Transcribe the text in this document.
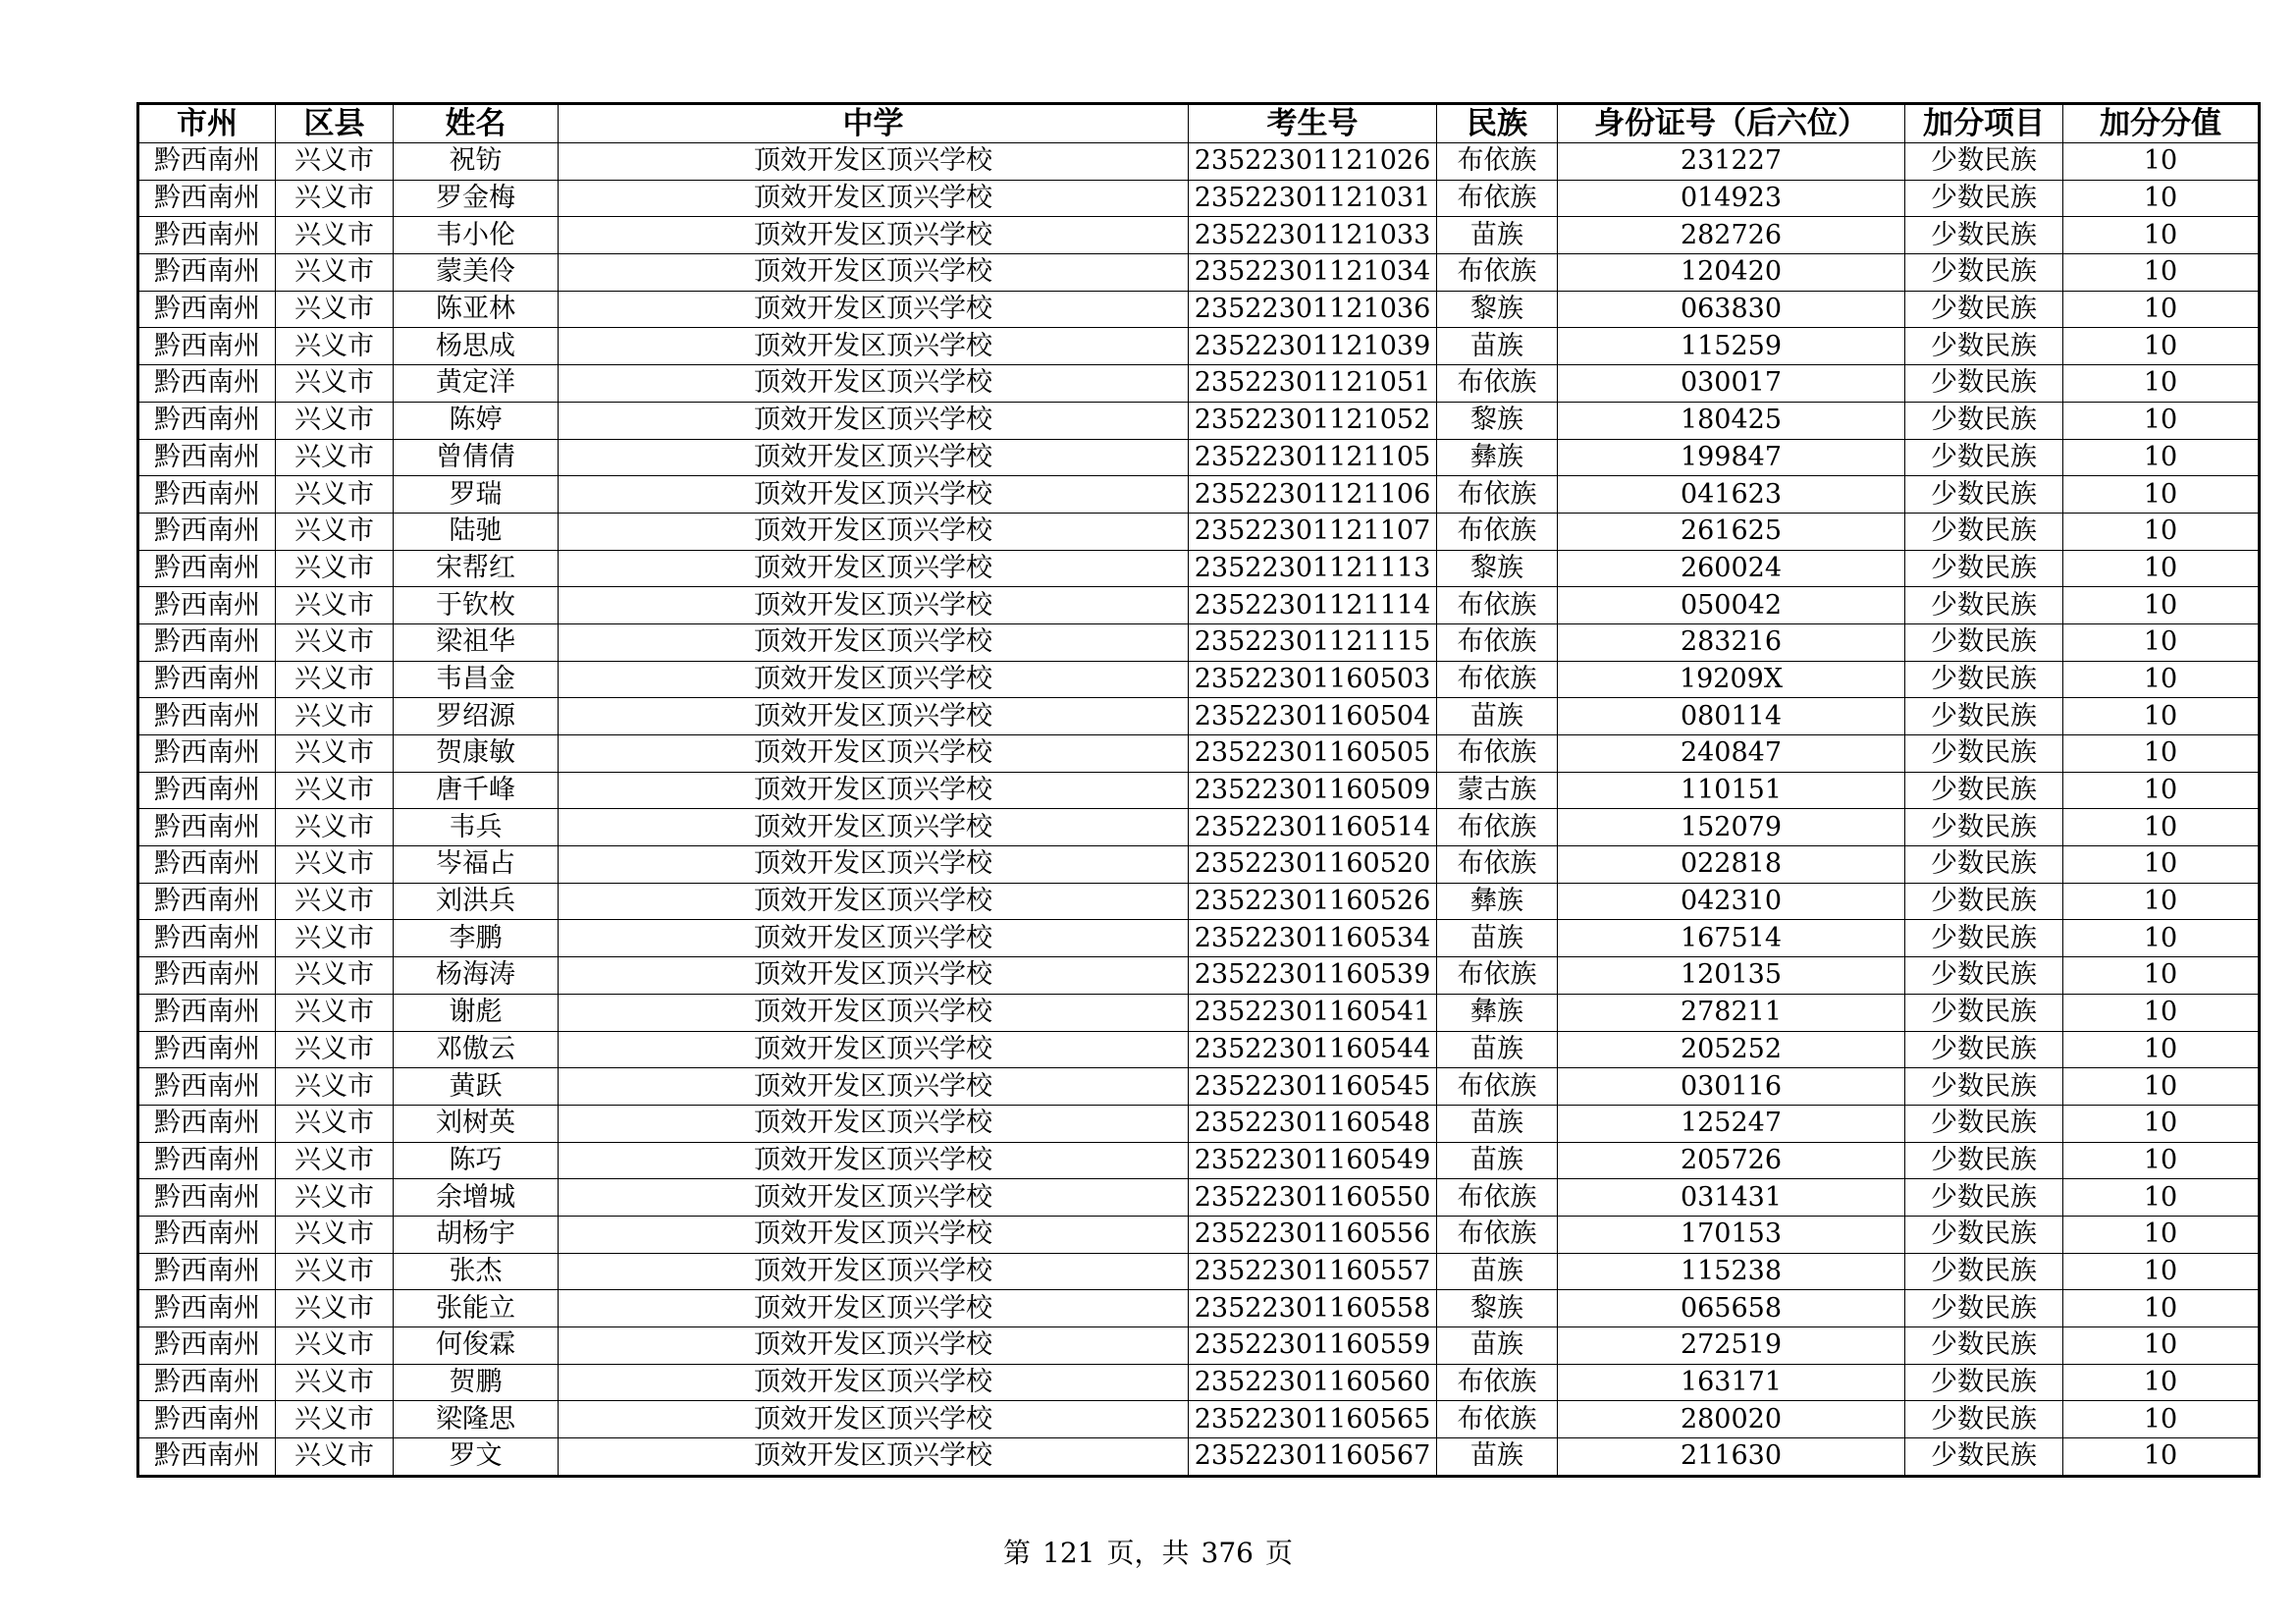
市州	区县	姓名	中学	考生号	民族	身份证号（后六位）	加分项目	加分分值
黔西南州	兴义市	祝钫	顶效开发区顶兴学校	23522301121026	布依族	231227	少数民族	10
黔西南州	兴义市	罗金梅	顶效开发区顶兴学校	23522301121031	布依族	014923	少数民族	10
黔西南州	兴义市	韦小伦	顶效开发区顶兴学校	23522301121033	苗族	282726	少数民族	10
黔西南州	兴义市	蒙美伶	顶效开发区顶兴学校	23522301121034	布依族	120420	少数民族	10
黔西南州	兴义市	陈亚林	顶效开发区顶兴学校	23522301121036	黎族	063830	少数民族	10
黔西南州	兴义市	杨思成	顶效开发区顶兴学校	23522301121039	苗族	115259	少数民族	10
黔西南州	兴义市	黄定洋	顶效开发区顶兴学校	23522301121051	布依族	030017	少数民族	10
黔西南州	兴义市	陈婷	顶效开发区顶兴学校	23522301121052	黎族	180425	少数民族	10
黔西南州	兴义市	曾倩倩	顶效开发区顶兴学校	23522301121105	彝族	199847	少数民族	10
黔西南州	兴义市	罗瑞	顶效开发区顶兴学校	23522301121106	布依族	041623	少数民族	10
黔西南州	兴义市	陆驰	顶效开发区顶兴学校	23522301121107	布依族	261625	少数民族	10
黔西南州	兴义市	宋帮红	顶效开发区顶兴学校	23522301121113	黎族	260024	少数民族	10
黔西南州	兴义市	于钦枚	顶效开发区顶兴学校	23522301121114	布依族	050042	少数民族	10
黔西南州	兴义市	梁祖华	顶效开发区顶兴学校	23522301121115	布依族	283216	少数民族	10
黔西南州	兴义市	韦昌金	顶效开发区顶兴学校	23522301160503	布依族	19209X	少数民族	10
黔西南州	兴义市	罗绍源	顶效开发区顶兴学校	23522301160504	苗族	080114	少数民族	10
黔西南州	兴义市	贺康敏	顶效开发区顶兴学校	23522301160505	布依族	240847	少数民族	10
黔西南州	兴义市	唐千峰	顶效开发区顶兴学校	23522301160509	蒙古族	110151	少数民族	10
黔西南州	兴义市	韦兵	顶效开发区顶兴学校	23522301160514	布依族	152079	少数民族	10
黔西南州	兴义市	岑福占	顶效开发区顶兴学校	23522301160520	布依族	022818	少数民族	10
黔西南州	兴义市	刘洪兵	顶效开发区顶兴学校	23522301160526	彝族	042310	少数民族	10
黔西南州	兴义市	李鹏	顶效开发区顶兴学校	23522301160534	苗族	167514	少数民族	10
黔西南州	兴义市	杨海涛	顶效开发区顶兴学校	23522301160539	布依族	120135	少数民族	10
黔西南州	兴义市	谢彪	顶效开发区顶兴学校	23522301160541	彝族	278211	少数民族	10
黔西南州	兴义市	邓傲云	顶效开发区顶兴学校	23522301160544	苗族	205252	少数民族	10
黔西南州	兴义市	黄跃	顶效开发区顶兴学校	23522301160545	布依族	030116	少数民族	10
黔西南州	兴义市	刘树英	顶效开发区顶兴学校	23522301160548	苗族	125247	少数民族	10
黔西南州	兴义市	陈巧	顶效开发区顶兴学校	23522301160549	苗族	205726	少数民族	10
黔西南州	兴义市	余增城	顶效开发区顶兴学校	23522301160550	布依族	031431	少数民族	10
黔西南州	兴义市	胡杨宇	顶效开发区顶兴学校	23522301160556	布依族	170153	少数民族	10
黔西南州	兴义市	张杰	顶效开发区顶兴学校	23522301160557	苗族	115238	少数民族	10
黔西南州	兴义市	张能立	顶效开发区顶兴学校	23522301160558	黎族	065658	少数民族	10
黔西南州	兴义市	何俊霖	顶效开发区顶兴学校	23522301160559	苗族	272519	少数民族	10
黔西南州	兴义市	贺鹏	顶效开发区顶兴学校	23522301160560	布依族	163171	少数民族	10
黔西南州	兴义市	梁隆思	顶效开发区顶兴学校	23522301160565	布依族	280020	少数民族	10
黔西南州	兴义市	罗文	顶效开发区顶兴学校	23522301160567	苗族	211630	少数民族	10
第 121 页，共 376 页
